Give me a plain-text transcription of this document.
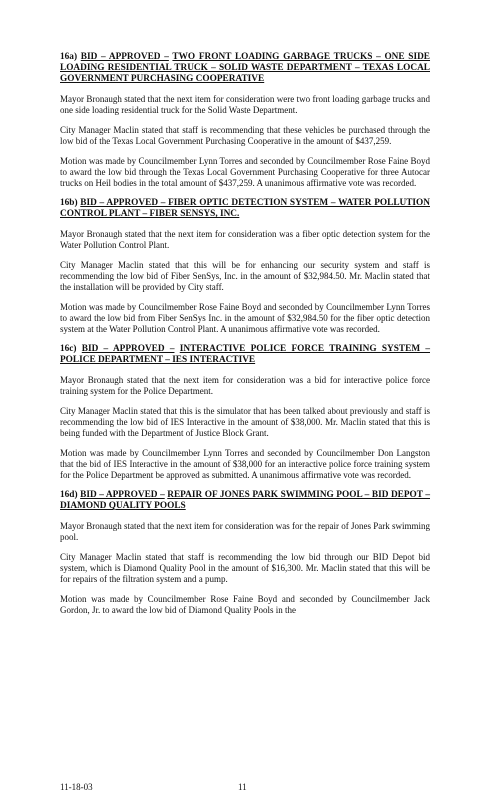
16a) BID – APPROVED – TWO FRONT LOADING GARBAGE TRUCKS – ONE SIDE LOADING RESIDENTIAL TRUCK – SOLID WASTE DEPARTMENT – TEXAS LOCAL GOVERNMENT PURCHASING COOPERATIVE
Mayor Bronaugh stated that the next item for consideration were two front loading garbage trucks and one side loading residential truck for the Solid Waste Department.
City Manager Maclin stated that staff is recommending that these vehicles be purchased through the low bid of the Texas Local Government Purchasing Cooperative in the amount of $437,259.
Motion was made by Councilmember Lynn Torres and seconded by Councilmember Rose Faine Boyd to award the low bid through the Texas Local Government Purchasing Cooperative for three Autocar trucks on Heil bodies in the total amount of $437,259. A unanimous affirmative vote was recorded.
16b) BID – APPROVED – FIBER OPTIC DETECTION SYSTEM – WATER POLLUTION CONTROL PLANT – FIBER SENSYS, INC.
Mayor Bronaugh stated that the next item for consideration was a fiber optic detection system for the Water Pollution Control Plant.
City Manager Maclin stated that this will be for enhancing our security system and staff is recommending the low bid of Fiber SenSys, Inc. in the amount of $32,984.50. Mr. Maclin stated that the installation will be provided by City staff.
Motion was made by Councilmember Rose Faine Boyd and seconded by Councilmember Lynn Torres to award the low bid from Fiber SenSys Inc. in the amount of $32,984.50 for the fiber optic detection system at the Water Pollution Control Plant. A unanimous affirmative vote was recorded.
16c) BID – APPROVED – INTERACTIVE POLICE FORCE TRAINING SYSTEM – POLICE DEPARTMENT – IES INTERACTIVE
Mayor Bronaugh stated that the next item for consideration was a bid for interactive police force training system for the Police Department.
City Manager Maclin stated that this is the simulator that has been talked about previously and staff is recommending the low bid of IES Interactive in the amount of $38,000. Mr. Maclin stated that this is being funded with the Department of Justice Block Grant.
Motion was made by Councilmember Lynn Torres and seconded by Councilmember Don Langston that the bid of IES Interactive in the amount of $38,000 for an interactive police force training system for the Police Department be approved as submitted. A unanimous affirmative vote was recorded.
16d) BID – APPROVED – REPAIR OF JONES PARK SWIMMING POOL – BID DEPOT – DIAMOND QUALITY POOLS
Mayor Bronaugh stated that the next item for consideration was for the repair of Jones Park swimming pool.
City Manager Maclin stated that staff is recommending the low bid through our BID Depot bid system, which is Diamond Quality Pool in the amount of $16,300. Mr. Maclin stated that this will be for repairs of the filtration system and a pump.
Motion was made by Councilmember Rose Faine Boyd and seconded by Councilmember Jack Gordon, Jr. to award the low bid of Diamond Quality Pools in the
11-18-03	11
